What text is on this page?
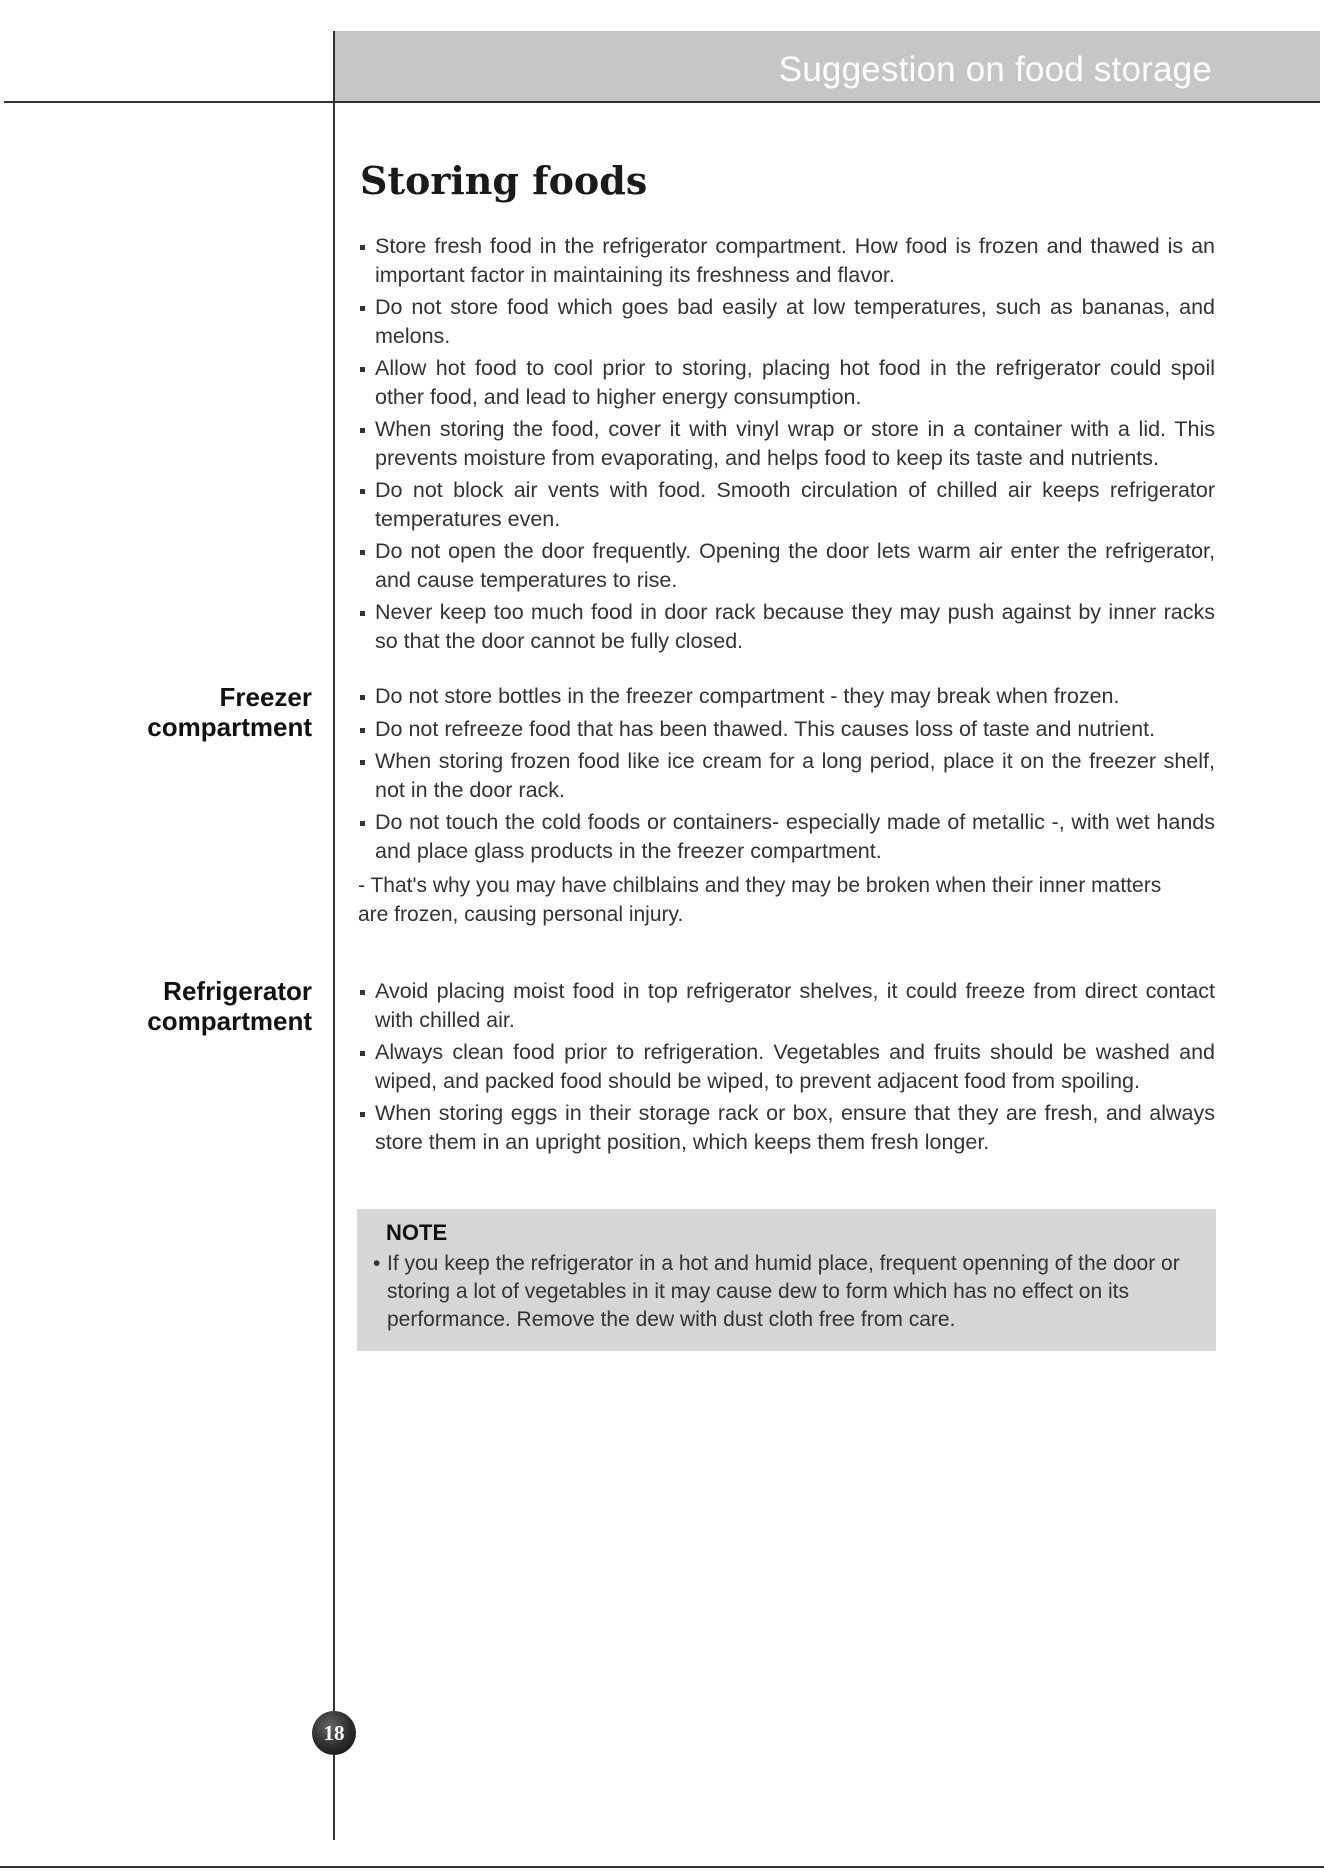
Suggestion on food storage
Storing foods
Store fresh food in the refrigerator compartment. How food is frozen and thawed is an important factor in maintaining its freshness and flavor.
Do not store food which goes bad easily at low temperatures, such as bananas, and melons.
Allow hot food to cool prior to storing, placing hot food in the refrigerator could spoil other food, and lead to higher energy consumption.
When storing the food, cover it with vinyl wrap or store in a container with a lid. This prevents moisture from evaporating, and helps food to keep its taste and nutrients.
Do not block air vents with food. Smooth circulation of chilled air keeps refrigerator temperatures even.
Do not open the door frequently. Opening the door lets warm air enter the refrigerator, and cause temperatures to rise.
Never keep too much food in door rack because they may push against by inner racks so that the door cannot be fully closed.
Freezer compartment
Do not store bottles in the freezer compartment - they may break when frozen.
Do not refreeze food that has been thawed. This causes loss of taste and nutrient.
When storing frozen food like ice cream for a long period, place it on the freezer shelf, not in the door rack.
Do not touch the cold foods or containers- especially made of metallic -, with wet hands and place glass products in the freezer compartment.

- That's why you may have chilblains and they may be broken when their inner matters are frozen, causing personal injury.

Refrigerator compartment
Avoid placing moist food in top refrigerator shelves, it could freeze from direct contact with chilled air.
Always clean food prior to refrigeration. Vegetables and fruits should be washed and wiped, and packed food should be wiped, to prevent adjacent food from spoiling.
When storing eggs in their storage rack or box, ensure that they are fresh, and always store them in an upright position, which keeps them fresh longer.

NOTE

• If you keep the refrigerator in a hot and humid place, frequent openning of the door or storing a lot of vegetables in it may cause dew to form which has no effect on its performance. Remove the dew with dust cloth free from care.

18
